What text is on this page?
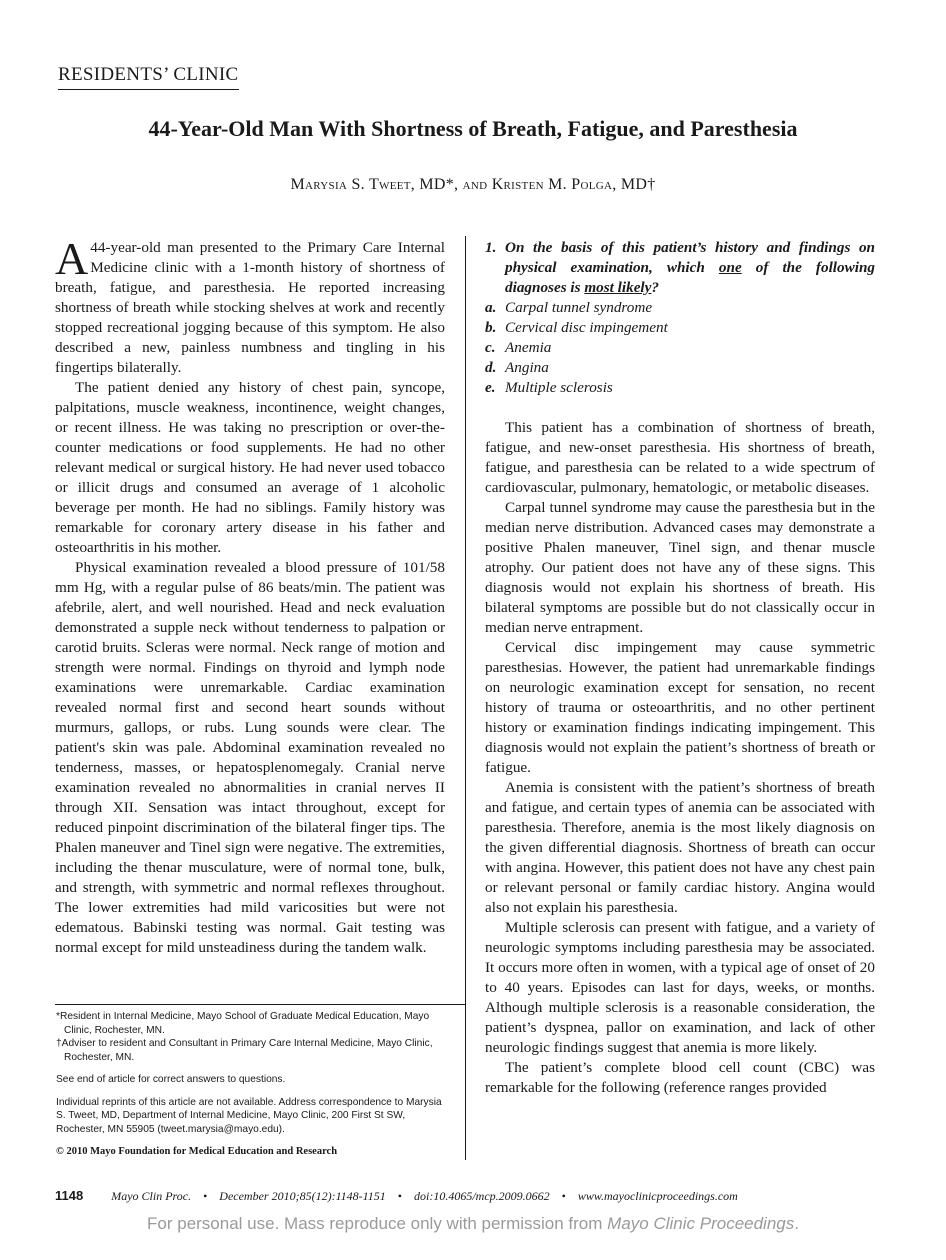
RESIDENTS’ CLINIC
44-Year-Old Man With Shortness of Breath, Fatigue, and Paresthesia
Marysia S. Tweet, MD*, and Kristen M. Polga, MD†

A 44-year-old man presented to the Primary Care Internal Medicine clinic with a 1-month history of shortness of breath, fatigue, and paresthesia. He reported increasing shortness of breath while stocking shelves at work and recently stopped recreational jogging because of this symptom. He also described a new, painless numbness and tingling in his fingertips bilaterally.

The patient denied any history of chest pain, syncope, palpitations, muscle weakness, incontinence, weight changes, or recent illness. He was taking no prescription or over-the-counter medications or food supplements. He had no other relevant medical or surgical history. He had never used tobacco or illicit drugs and consumed an average of 1 alcoholic beverage per month. He had no siblings. Family history was remarkable for coronary artery disease in his father and osteoarthritis in his mother.

Physical examination revealed a blood pressure of 101/58 mm Hg, with a regular pulse of 86 beats/min. The patient was afebrile, alert, and well nourished. Head and neck evaluation demonstrated a supple neck without tenderness to palpation or carotid bruits. Scleras were normal. Neck range of motion and strength were normal. Findings on thyroid and lymph node examinations were unremarkable. Cardiac examination revealed normal first and second heart sounds without murmurs, gallops, or rubs. Lung sounds were clear. The patient's skin was pale. Abdominal examination revealed no tenderness, masses, or hepatosplenomegaly. Cranial nerve examination revealed no abnormalities in cranial nerves II through XII. Sensation was intact throughout, except for reduced pinpoint discrimination of the bilateral finger tips. The Phalen maneuver and Tinel sign were negative. The extremities, including the thenar musculature, were of normal tone, bulk, and strength, with symmetric and normal reflexes throughout. The lower extremities had mild varicosities but were not edematous. Babinski testing was normal. Gait testing was normal except for mild unsteadiness during the tandem walk.

*Resident in Internal Medicine, Mayo School of Graduate Medical Education, Mayo Clinic, Rochester, MN.
†Adviser to resident and Consultant in Primary Care Internal Medicine, Mayo Clinic, Rochester, MN.

See end of article for correct answers to questions.

Individual reprints of this article are not available. Address correspondence to Marysia S. Tweet, MD, Department of Internal Medicine, Mayo Clinic, 200 First St SW, Rochester, MN 55905 (tweet.marysia@mayo.edu).

© 2010 Mayo Foundation for Medical Education and Research

1. On the basis of this patient’s history and findings on physical examination, which one of the following diagnoses is most likely?
a. Carpal tunnel syndrome
b. Cervical disc impingement
c. Anemia
d. Angina
e. Multiple sclerosis

This patient has a combination of shortness of breath, fatigue, and new-onset paresthesia. His shortness of breath, fatigue, and paresthesia can be related to a wide spectrum of cardiovascular, pulmonary, hematologic, or metabolic diseases.

Carpal tunnel syndrome may cause the paresthesia but in the median nerve distribution. Advanced cases may demonstrate a positive Phalen maneuver, Tinel sign, and thenar muscle atrophy. Our patient does not have any of these signs. This diagnosis would not explain his shortness of breath. His bilateral symptoms are possible but do not classically occur in median nerve entrapment.

Cervical disc impingement may cause symmetric paresthesias. However, the patient had unremarkable findings on neurologic examination except for sensation, no recent history of trauma or osteoarthritis, and no other pertinent history or examination findings indicating impingement. This diagnosis would not explain the patient’s shortness of breath or fatigue.

Anemia is consistent with the patient’s shortness of breath and fatigue, and certain types of anemia can be associated with paresthesia. Therefore, anemia is the most likely diagnosis on the given differential diagnosis. Shortness of breath can occur with angina. However, this patient does not have any chest pain or relevant personal or family cardiac history. Angina would also not explain his paresthesia.

Multiple sclerosis can present with fatigue, and a variety of neurologic symptoms including paresthesia may be associated. It occurs more often in women, with a typical age of onset of 20 to 40 years. Episodes can last for days, weeks, or months. Although multiple sclerosis is a reasonable consideration, the patient’s dyspnea, pallor on examination, and lack of other neurologic findings suggest that anemia is more likely.

The patient’s complete blood cell count (CBC) was remarkable for the following (reference ranges provided

1148 Mayo Clin Proc. • December 2010;85(12):1148-1151 • doi:10.4065/mcp.2009.0662 • www.mayoclinicproceedings.com
For personal use. Mass reproduce only with permission from Mayo Clinic Proceedings.
